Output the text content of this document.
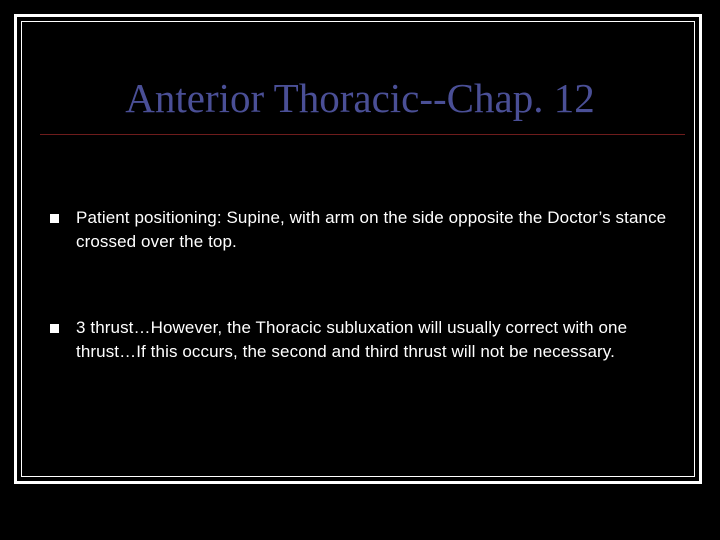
Anterior Thoracic--Chap. 12
Patient positioning: Supine, with arm on the side opposite the Doctor’s stance crossed over the top.
3 thrust…However, the Thoracic subluxation will usually correct with one thrust…If this occurs, the second and third thrust will not be necessary.
